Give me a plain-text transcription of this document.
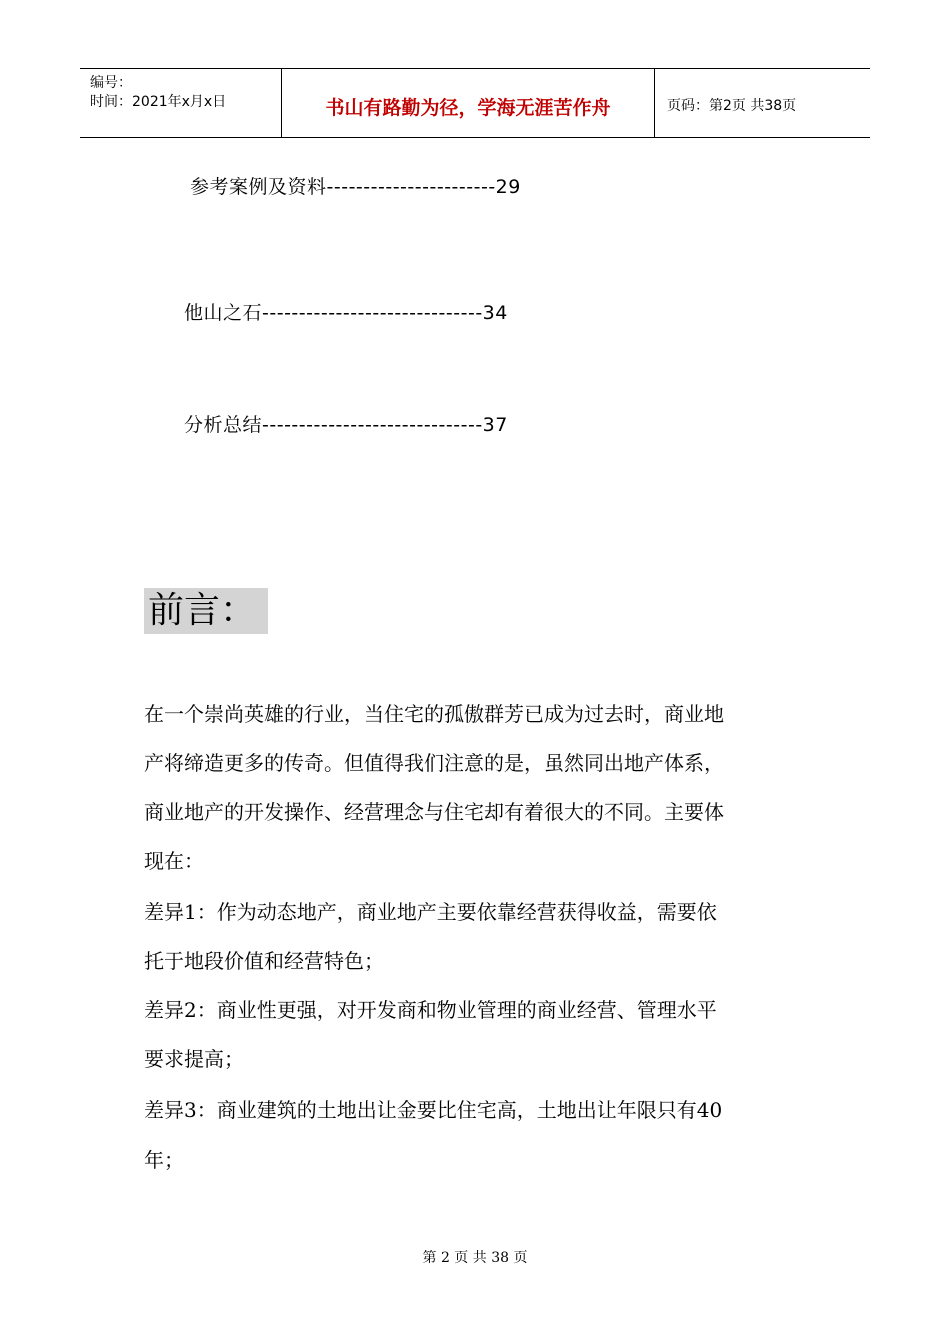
编号：
时间：2021年x月x日	书山有路勤为径，学海无涯苦作舟	页码：第2页 共38页
参考案例及资料-----------------------29
他山之石------------------------------34
分析总结------------------------------37
前言：
在一个崇尚英雄的行业，当住宅的孤傲群芳已成为过去时，商业地
产将缔造更多的传奇。但值得我们注意的是，虽然同出地产体系，
商业地产的开发操作、经营理念与住宅却有着很大的不同。主要体
现在：
差异1：作为动态地产，商业地产主要依靠经营获得收益，需要依
托于地段价值和经营特色；
差异2：商业性更强，对开发商和物业管理的商业经营、管理水平
要求提高；
差异3：商业建筑的土地出让金要比住宅高，土地出让年限只有40
年；
第 2 页 共 38 页
